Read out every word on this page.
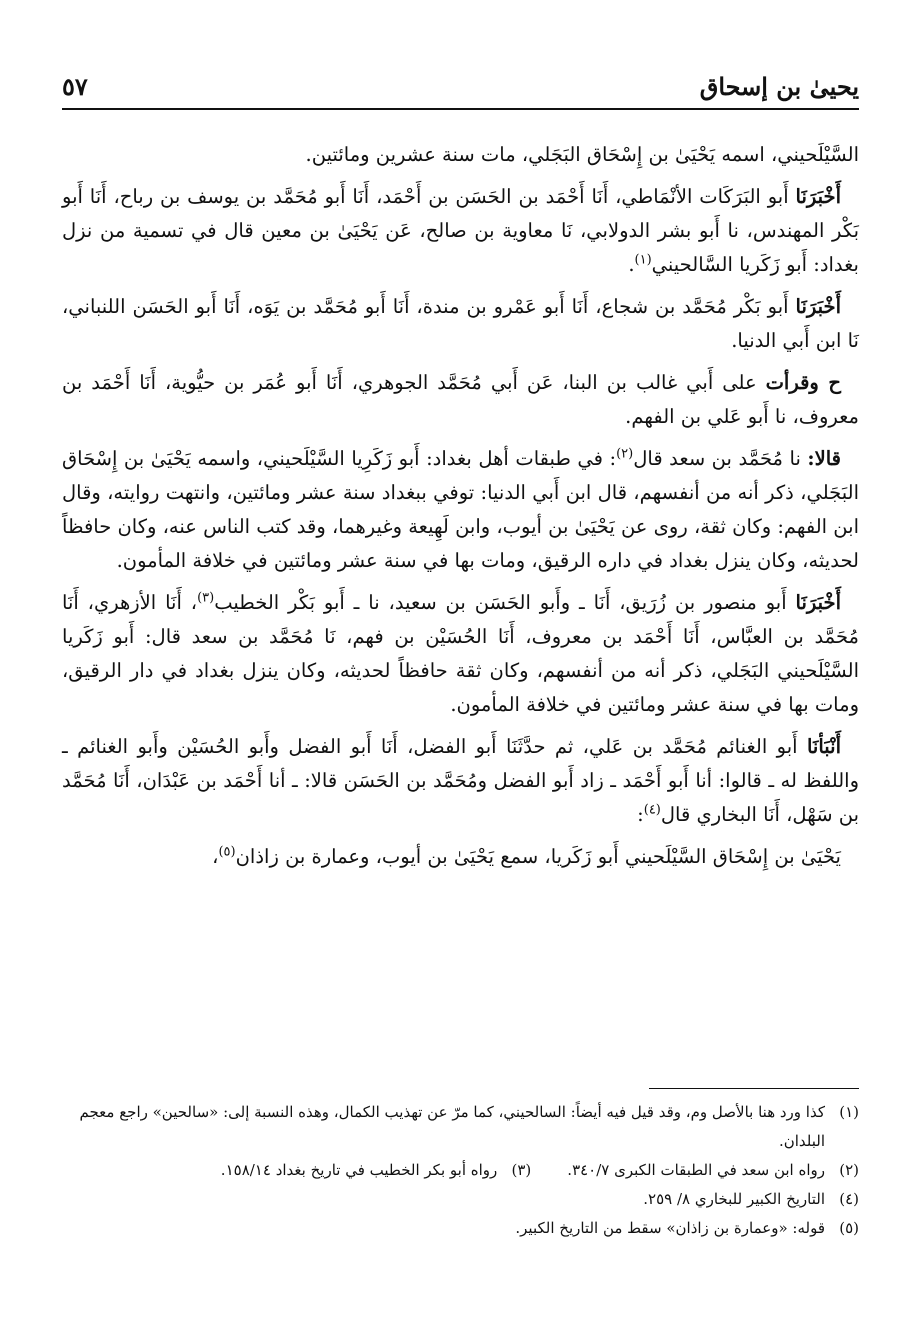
يحيىٰ بن إسحاق
٥٧

السَّيْلَحيني، اسمه يَحْيَىٰ بن إِسْحَاق البَجَلي، مات سنة عشرين ومائتين.

أَخْبَرَنَا أَبو البَرَكَات الأنْمَاطي، أَنَا أَحْمَد بن الحَسَن بن أَحْمَد، أَنَا أَبو مُحَمَّد بن يوسف بن رباح، أَنَا أَبو بَكْر المهندس، نا أَبو بشر الدولابي، نَا معاوية بن صالح، عَن يَحْيَىٰ بن معين قال في تسمية من نزل بغداد: أَبو زَكَريا السَّالحيني$^{(١)}$.

أَخْبَرَنَا أَبو بَكْر مُحَمَّد بن شجاع، أَنَا أَبو عَمْرو بن مندة، أَنَا أَبو مُحَمَّد بن يَوَه، أَنَا أَبو الحَسَن اللنباني، نَا ابن أَبي الدنيا.

ح وقرأت على أَبي غالب بن البنا، عَن أَبي مُحَمَّد الجوهري، أَنَا أَبو عُمَر بن حيُّوية، أَنَا أَحْمَد بن معروف، نا أَبو عَلي بن الفهم.

قالا: نا مُحَمَّد بن سعد قال$^{(٢)}$: في طبقات أهل بغداد: أَبو زَكَرِيا السَّيْلَحيني، واسمه يَحْيَىٰ بن إِسْحَاق البَجَلي، ذكر أنه من أنفسهم، قال ابن أَبي الدنيا: توفي ببغداد سنة عشر ومائتين، وانتهت روايته، وقال ابن الفهم: وكان ثقة، روى عن يَحْيَىٰ بن أيوب، وابن لَهِيعة وغيرهما، وقد كتب الناس عنه، وكان حافظاً لحديثه، وكان ينزل بغداد في داره الرقيق، ومات بها في سنة عشر ومائتين في خلافة المأمون.

أَخْبَرَنَا أَبو منصور بن زُرَيق، أَنَا ـ وأَبو الحَسَن بن سعيد، نا ـ أَبو بَكْر الخطيب$^{(٣)}$، أَنَا الأزهري، أَنَا مُحَمَّد بن العبَّاس، أَنَا أَحْمَد بن معروف، أَنَا الحُسَيْن بن فهم، نَا مُحَمَّد بن سعد قال: أَبو زَكَريا السَّيْلَحيني البَجَلي، ذكر أنه من أنفسهم، وكان ثقة حافظاً لحديثه، وكان ينزل بغداد في دار الرقيق، ومات بها في سنة عشر ومائتين في خلافة المأمون.

أَنْبَأنَا أَبو الغنائم مُحَمَّد بن عَلي، ثم حدَّثَنَا أَبو الفضل، أَنَا أَبو الفضل وأَبو الحُسَيْن وأَبو الغنائم ـ واللفظ له ـ قالوا: أنا أَبو أَحْمَد ـ زاد أَبو الفضل ومُحَمَّد بن الحَسَن قالا: ـ أنا أَحْمَد بن عَبْدَان، أَنَا مُحَمَّد بن سَهْل، أَنَا البخاري قال$^{(٤)}$:

يَحْيَىٰ بن إِسْحَاق السَّيْلَحيني أَبو زَكَريا، سمع يَحْيَىٰ بن أيوب، وعمارة بن زاذان$^{(٥)}$،

(١)
كذا ورد هنا بالأصل وم، وقد قيل فيه أيضاً: السالحيني، كما مرّ عن تهذيب الكمال، وهذه النسبة إلى: «سالحين» راجع معجم البلدان.
(٢)
رواه ابن سعد في الطبقات الكبرى ٣٤٠/٧.
(٣)
رواه أبو بكر الخطيب في تاريخ بغداد ١٥٨/١٤.
(٤)
التاريخ الكبير للبخاري ٨/ ٢٥٩.
(٥)
قوله: «وعمارة بن زاذان» سقط من التاريخ الكبير.
